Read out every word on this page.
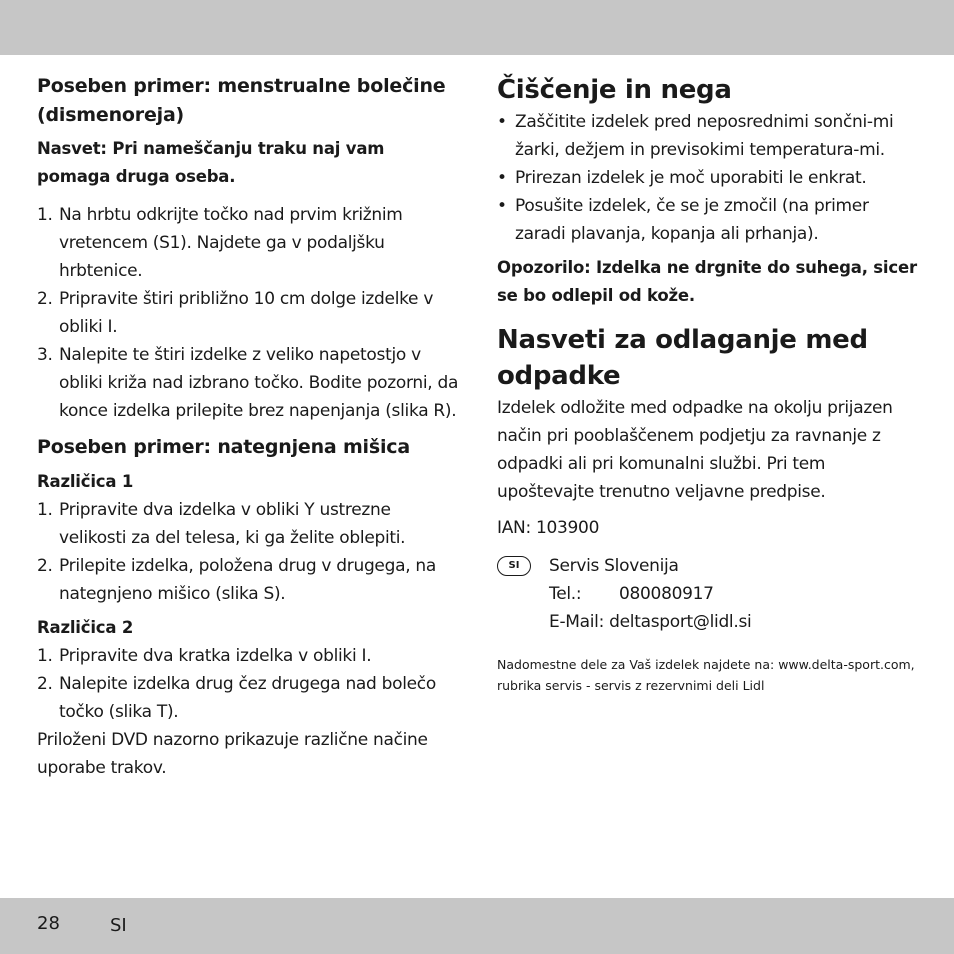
Poseben primer: menstrualne bolečine (dismenoreja)

Nasvet: Pri nameščanju traku naj vam pomaga druga oseba.

1. Na hrbtu odkrijte točko nad prvim križnim vretencem (S1). Najdete ga v podaljšku hrbtenice.
2. Pripravite štiri približno 10 cm dolge izdelke v obliki I.
3. Nalepite te štiri izdelke z veliko napetostjo v obliki križa nad izbrano točko. Bodite pozorni, da konce izdelka prilepite brez napenjanja (slika R).

Poseben primer: nategnjena mišica

Različica 1

1. Pripravite dva izdelka v obliki Y ustrezne velikosti za del telesa, ki ga želite oblepiti.
2. Prilepite izdelka, položena drug v drugega, na nategnjeno mišico (slika S).

Različica 2

1. Pripravite dva kratka izdelka v obliki I.
2. Nalepite izdelka drug čez drugega nad bolečo točko (slika T).

Priloženi DVD nazorno prikazuje različne načine uporabe trakov.

Čiščenje in nega

• Zaščitite izdelek pred neposrednimi sončni-mi žarki, dežjem in previsokimi temperatura-mi.
• Prirezan izdelek je moč uporabiti le enkrat.
• Posušite izdelek, če se je zmočil (na primer zaradi plavanja, kopanja ali prhanja).

Opozorilo: Izdelka ne drgnite do suhega, sicer se bo odlepil od kože.

Nasveti za odlaganje med odpadke

Izdelek odložite med odpadke na okolju prijazen način pri pooblaščenem podjetju za ravnanje z odpadki ali pri komunalni službi. Pri tem upoštevajte trenutno veljavne predpise.

IAN: 103900

SI	Servis Slovenija

Tel.:	080080917

E-Mail: deltasport@lidl.si

Nadomestne dele za Vaš izdelek najdete na: www.delta-sport.com, rubrika servis - servis z rezervnimi deli Lidl

28	SI
